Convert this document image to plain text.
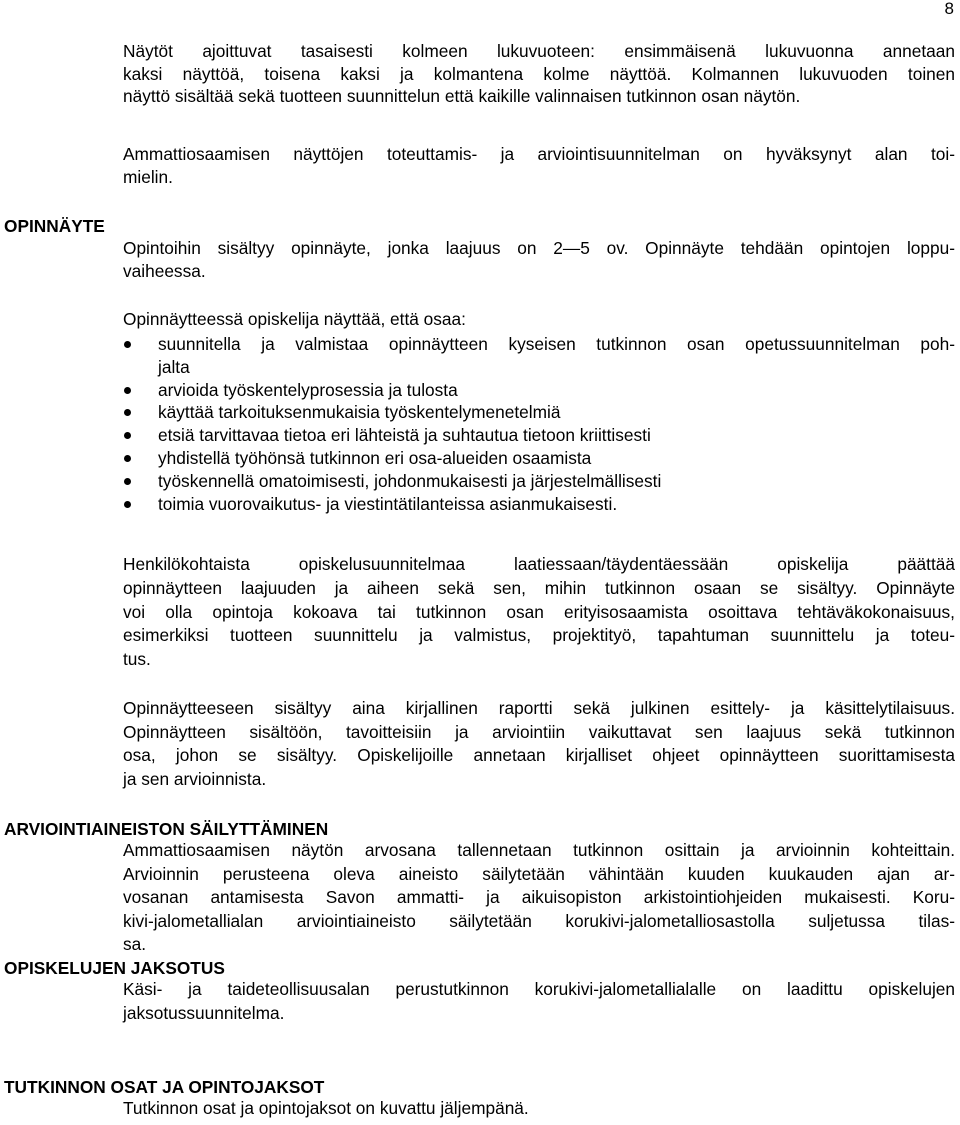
8
Näytöt ajoittuvat tasaisesti kolmeen lukuvuoteen: ensimmäisenä lukuvuonna annetaan
kaksi näyttöä, toisena kaksi ja kolmantena kolme näyttöä. Kolmannen lukuvuoden toinen
näyttö sisältää sekä tuotteen suunnittelun että kaikille valinnaisen tutkinnon osan näytön.
Ammattiosaamisen näyttöjen toteuttamis- ja arviointisuunnitelman on hyväksynyt alan toi-
mielin.
OPINNÄYTE
Opintoihin sisältyy opinnäyte, jonka laajuus on 2—5 ov. Opinnäyte tehdään opintojen loppu-
vaiheessa.
Opinnäytteessä opiskelija näyttää, että osaa:
suunnitella ja valmistaa opinnäytteen kyseisen tutkinnon osan opetussuunnitelman poh-
jalta
arvioida työskentelyprosessia ja tulosta
käyttää tarkoituksenmukaisia työskentelymenetelmiä
etsiä tarvittavaa tietoa eri lähteistä ja suhtautua tietoon kriittisesti
yhdistellä työhönsä tutkinnon eri osa-alueiden osaamista
työskennellä omatoimisesti, johdonmukaisesti ja järjestelmällisesti
toimia vuorovaikutus- ja viestintätilanteissa asianmukaisesti.
Henkilökohtaista opiskelusuunnitelmaa laatiessaan/täydentäessään opiskelija päättää
opinnäytteen laajuuden ja aiheen sekä sen, mihin tutkinnon osaan se sisältyy. Opinnäyte
voi olla opintoja kokoava tai tutkinnon osan erityisosaamista osoittava tehtäväkokonaisuus,
esimerkiksi tuotteen suunnittelu ja valmistus, projektityö, tapahtuman suunnittelu ja toteu-
tus.
Opinnäytteeseen sisältyy aina kirjallinen raportti sekä julkinen esittely- ja käsittelytilaisuus.
Opinnäytteen sisältöön, tavoitteisiin ja arviointiin vaikuttavat sen laajuus sekä tutkinnon
osa, johon se sisältyy. Opiskelijoille annetaan kirjalliset ohjeet opinnäytteen suorittamisesta
ja sen arvioinnista.
ARVIOINTIAINEISTON SÄILYTTÄMINEN
Ammattiosaamisen näytön arvosana tallennetaan tutkinnon osittain ja arvioinnin kohteittain.
Arvioinnin perusteena oleva aineisto säilytetään vähintään kuuden kuukauden ajan ar-
vosanan antamisesta Savon ammatti- ja aikuisopiston arkistointiohjeiden mukaisesti. Koru-
kivi-jalometallialan arviointiaineisto säilytetään korukivi-jalometalliosastolla suljetussa tilas-
sa.
OPISKELUJEN JAKSOTUS
Käsi- ja taideteollisuusalan perustutkinnon korukivi-jalometallialalle on laadittu opiskelujen
jaksotussuunnitelma.
TUTKINNON OSAT JA OPINTOJAKSOT
Tutkinnon osat ja opintojaksot on kuvattu jäljempänä.
